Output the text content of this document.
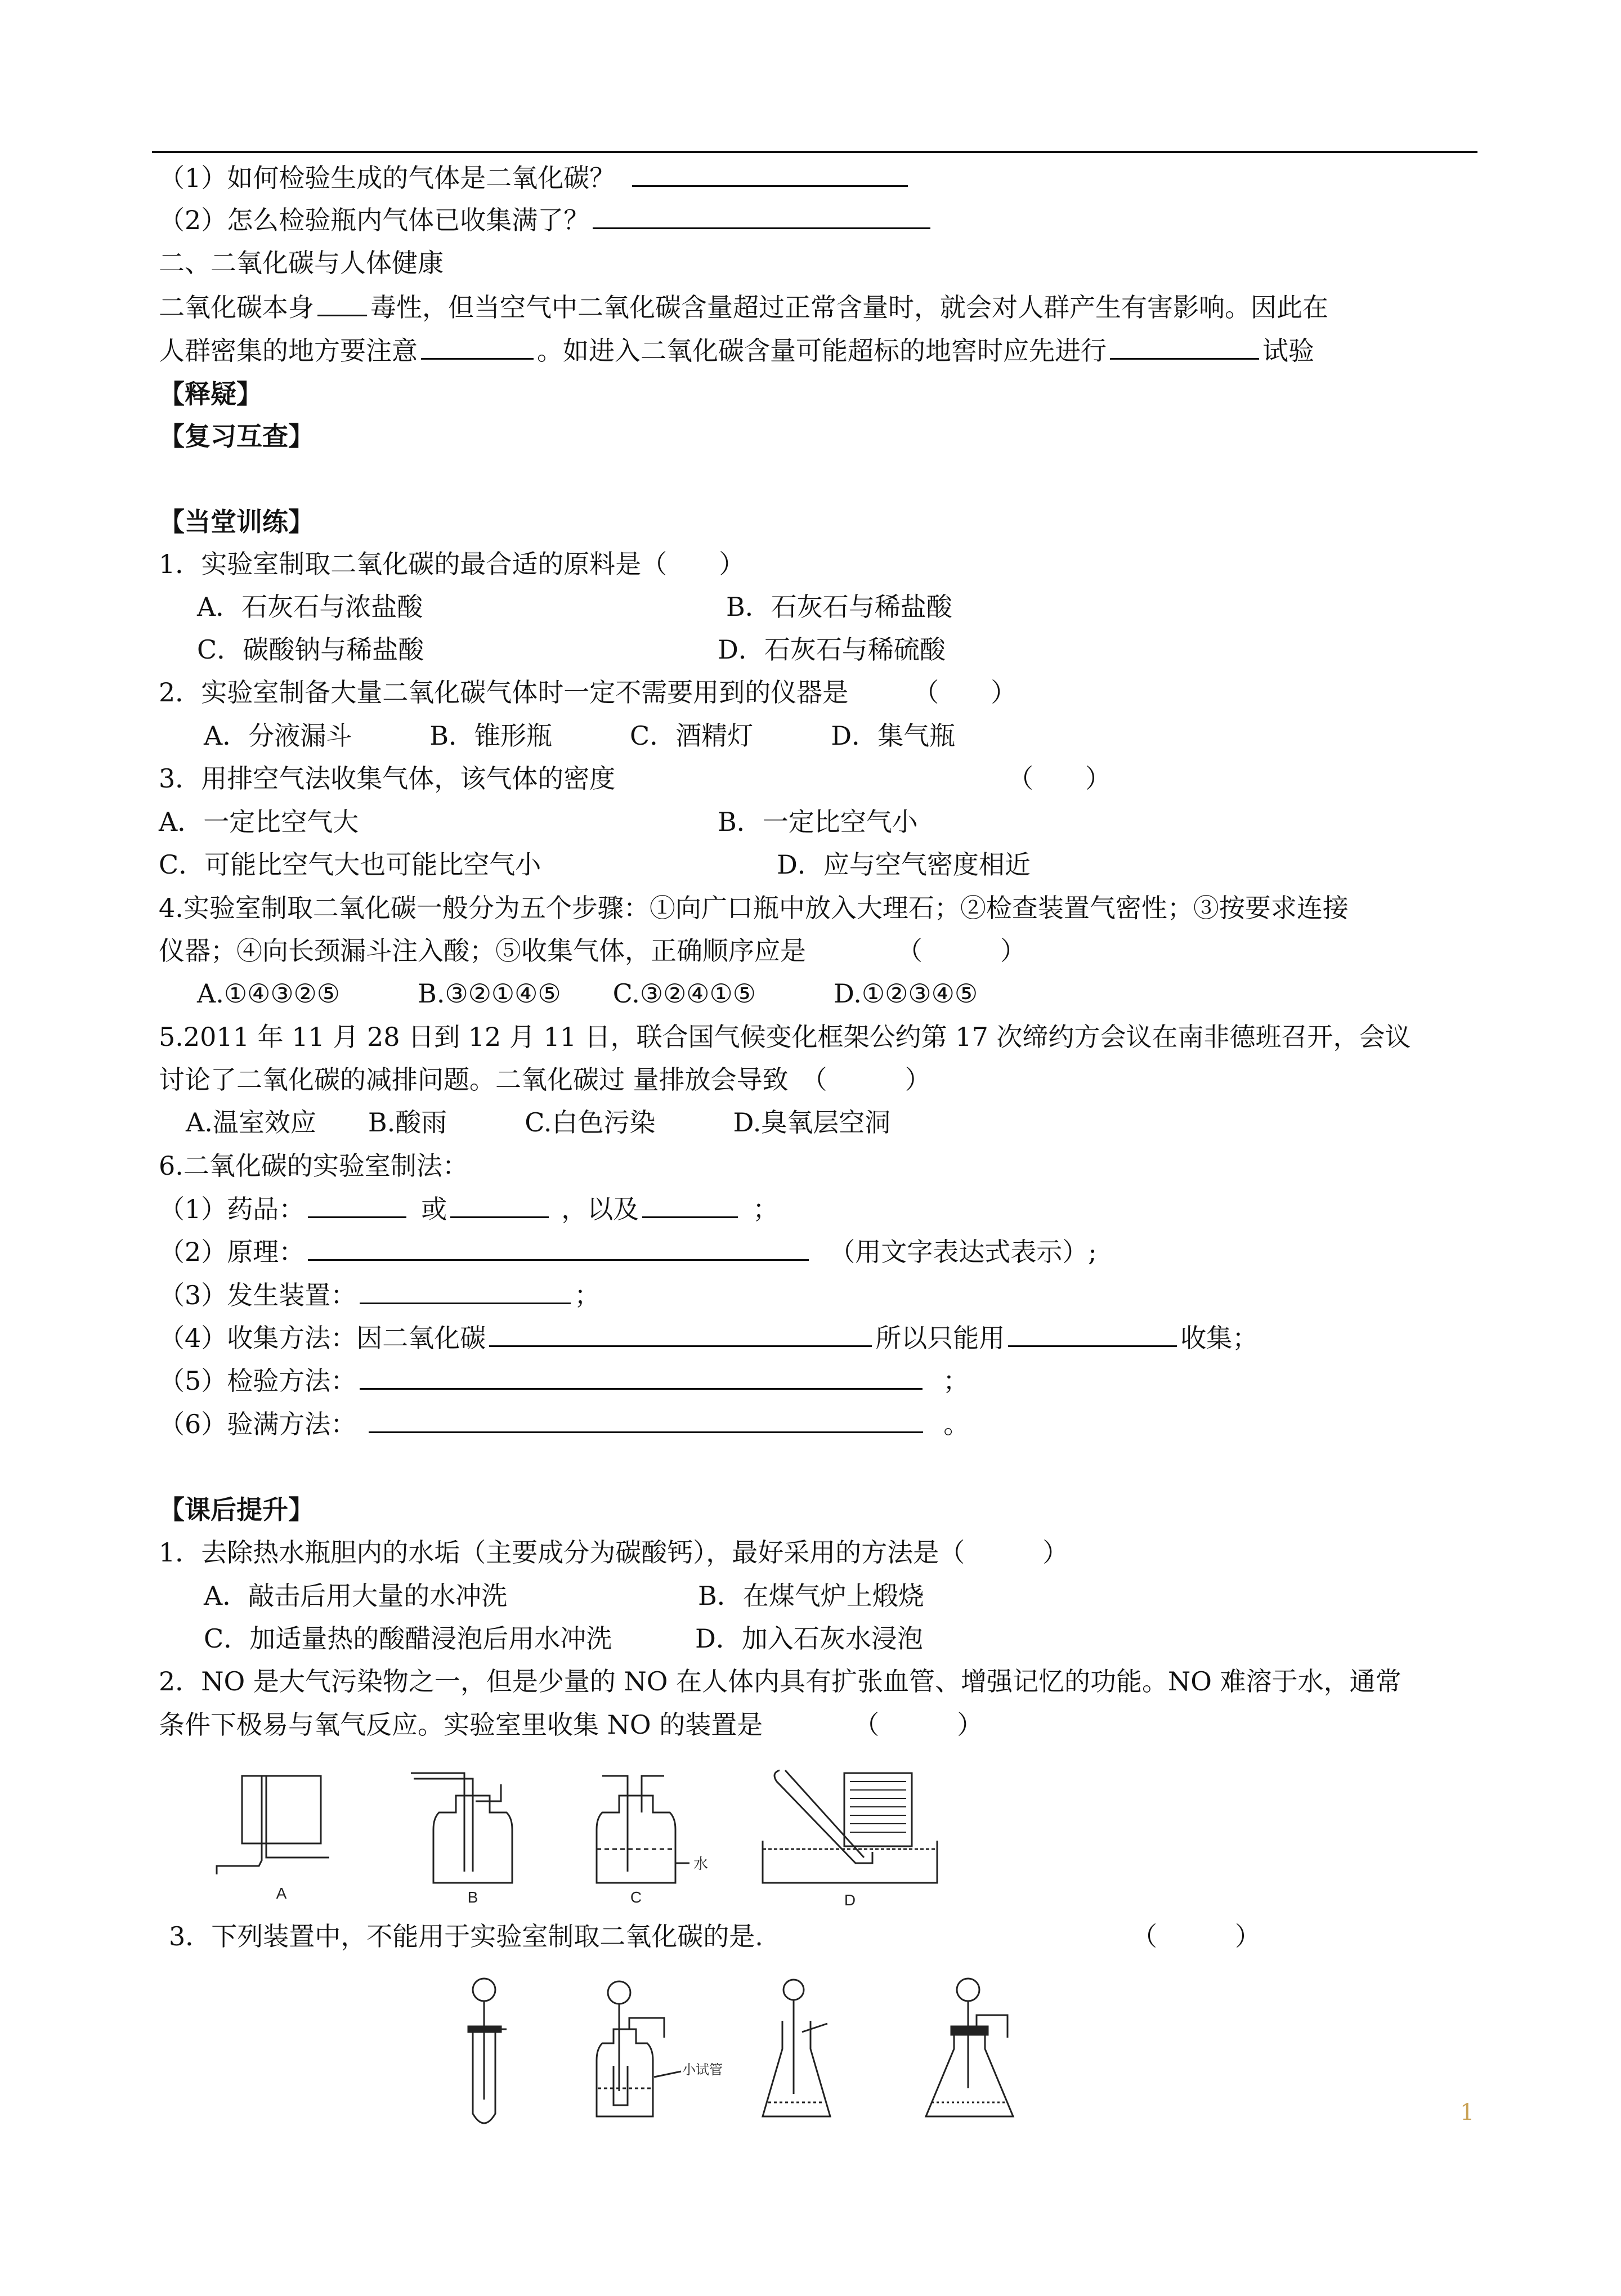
（1）如何检验生成的气体是二氧化碳？
（2）怎么检验瓶内气体已收集满了？
二、二氧化碳与人体健康
二氧化碳本身 毒性，但当空气中二氧化碳含量超过正常含量时，就会对人群产生有害影响。因此在
人群密集的地方要注意	。如进入二氧化碳含量可能超标的地窖时应先进行	试验
【释疑】
【复习互查】
【当堂训练】
1．实验室制取二氧化碳的最合适的原料是（　　）
A．石灰石与浓盐酸	B．石灰石与稀盐酸
C．碳酸钠与稀盐酸	D．石灰石与稀硫酸
2．实验室制备大量二氧化碳气体时一定不需要用到的仪器是　　　（　　）
A．分液漏斗　　　B．锥形瓶　　　C．酒精灯　　　D．集气瓶
3．用排空气法收集气体，该气体的密度	（　　）
A．一定比空气大	B．一定比空气小
C．可能比空气大也可能比空气小	D．应与空气密度相近
4.实验室制取二氧化碳一般分为五个步骤：①向广口瓶中放入大理石；②检查装置气密性；③按要求连接
仪器；④向长颈漏斗注入酸；⑤收集气体，正确顺序应是　　　　（　　　）
A.①④③②⑤　　　B.③②①④⑤　　C.③②④①⑤　　　D.①②③④⑤
5.2011 年 11 月 28 日到 12 月 11 日，联合国气候变化框架公约第 17 次缔约方会议在南非德班召开，会议
讨论了二氧化碳的减排问题。二氧化碳过 量排放会导致　（　　　）
A.温室效应　　B.酸雨　　　C.白色污染　　　D.臭氧层空洞
6.二氧化碳的实验室制法：
（1）药品：	或	，以及	；
（2）原理：	（用文字表达式表示）;
（3）发生装置：	；
（4）收集方法：因二氧化碳	所以只能用	收集；
（5）检验方法：	；
（6）验满方法：	。
【课后提升】
1．去除热水瓶胆内的水垢（主要成分为碳酸钙），最好采用的方法是（　　　）
A．敲击后用大量的水冲洗	B．在煤气炉上煅烧
C．加适量热的酸醋浸泡后用水冲洗	D．加入石灰水浸泡
2．NO 是大气污染物之一，但是少量的 NO 在人体内具有扩张血管、增强记忆的功能。NO 难溶于水，通常
条件下极易与氧气反应。实验室里收集 NO 的装置是　　　　（　　　）
A	B
水
C	D
3．下列装置中，不能用于实验室制取二氧化碳的是.	（　　　）
小试管
1
